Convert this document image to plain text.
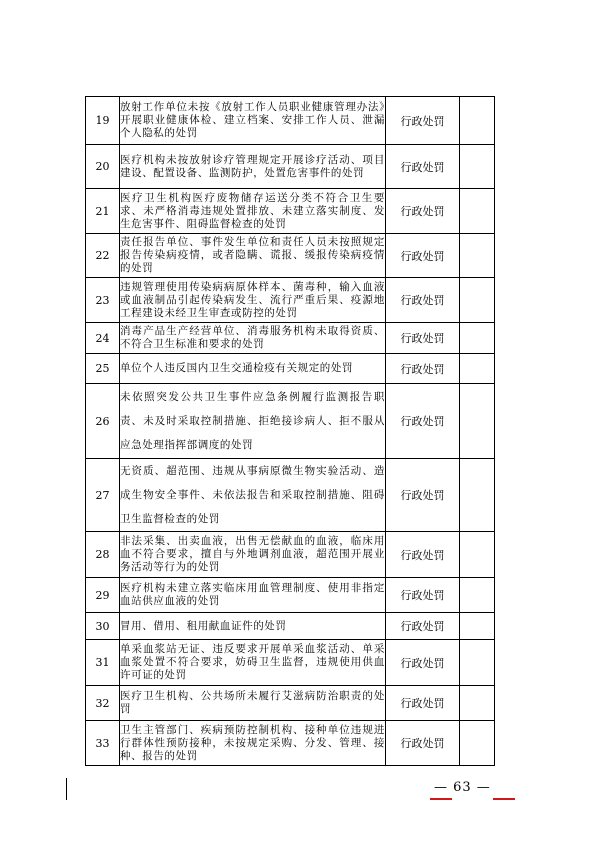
19	放射工作单位未按《放射工作人员职业健康管理办法》开展职业健康体检、建立档案、安排工作人员、泄漏个人隐私的处罚	行政处罚	
20	医疗机构未按放射诊疗管理规定开展诊疗活动、项目建设、配置设备、监测防护，处置危害事件的处罚	行政处罚	
21	医疗卫生机构医疗废物储存运送分类不符合卫生要求、未严格消毒违规处置排放、未建立落实制度、发生危害事件、阻碍监督检查的处罚	行政处罚	
22	责任报告单位、事件发生单位和责任人员未按照规定报告传染病疫情，或者隐瞒、谎报、缓报传染病疫情的处罚	行政处罚	
23	违规管理使用传染病病原体样本、菌毒种，输入血液或血液制品引起传染病发生、流行严重后果、疫源地工程建设未经卫生审查或防控的处罚	行政处罚	
24	消毒产品生产经营单位、消毒服务机构未取得资质、不符合卫生标准和要求的处罚	行政处罚	
25	单位个人违反国内卫生交通检疫有关规定的处罚	行政处罚	
26	未依照突发公共卫生事件应急条例履行监测报告职责、未及时采取控制措施、拒绝接诊病人、拒不服从应急处理指挥部调度的处罚	行政处罚	
27	无资质、超范围、违规从事病原微生物实验活动、造成生物安全事件、未依法报告和采取控制措施、阻碍卫生监督检查的处罚	行政处罚	
28	非法采集、出卖血液，出售无偿献血的血液，临床用血不符合要求，擅自与外地调剂血液，超范围开展业务活动等行为的处罚	行政处罚	
29	医疗机构未建立落实临床用血管理制度、使用非指定血站供应血液的处罚	行政处罚	
30	冒用、借用、租用献血证件的处罚	行政处罚	
31	单采血浆站无证、违反要求开展单采血浆活动、单采血浆处置不符合要求，妨碍卫生监督，违规使用供血许可证的处罚	行政处罚	
32	医疗卫生机构、公共场所未履行艾滋病防治职责的处罚	行政处罚	
33	卫生主管部门、疾病预防控制机构、接种单位违规进行群体性预防接种，未按规定采购、分发、管理、接种、报告的处罚	行政处罚	
— 63 —
